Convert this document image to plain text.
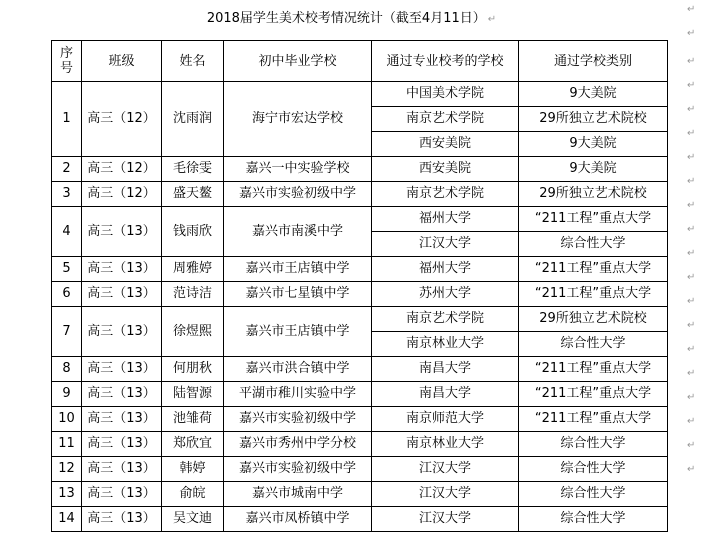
2018届学生美术校考情况统计（截至4月11日） ↵
序号	班级	姓名	初中毕业学校	通过专业校考的学校	通过学校类别
1	高三（12）	沈雨润	海宁市宏达学校	中国美术学院	9大美院
				南京艺术学院	29所独立艺术院校
				西安美院	9大美院
2	高三（12）	毛徐雯	嘉兴一中实验学校	西安美院	9大美院
3	高三（12）	盛天鳌	嘉兴市实验初级中学	南京艺术学院	29所独立艺术院校
4	高三（13）	钱雨欣	嘉兴市南溪中学	福州大学	“211工程”重点大学
				江汉大学	综合性大学
5	高三（13）	周雅婷	嘉兴市王店镇中学	福州大学	“211工程”重点大学
6	高三（13）	范诗洁	嘉兴市七星镇中学	苏州大学	“211工程”重点大学
7	高三（13）	徐煜熙	嘉兴市王店镇中学	南京艺术学院	29所独立艺术院校
				南京林业大学	综合性大学
8	高三（13）	何朋秋	嘉兴市洪合镇中学	南昌大学	“211工程”重点大学
9	高三（13）	陆智源	平湖市稚川实验中学	南昌大学	“211工程”重点大学
10	高三（13）	池雏荷	嘉兴市实验初级中学	南京师范大学	“211工程”重点大学
11	高三（13）	郑欣宜	嘉兴市秀州中学分校	南京林业大学	综合性大学
12	高三（13）	韩婷	嘉兴市实验初级中学	江汉大学	综合性大学
13	高三（13）	俞皖	嘉兴市城南中学	江汉大学	综合性大学
14	高三（13）	吴文迪	嘉兴市凤桥镇中学	江汉大学	综合性大学
↵
↵
↵
↵
↵
↵
↵
↵
↵
↵
↵
↵
↵
↵
↵
↵
↵
↵
↵
↵
